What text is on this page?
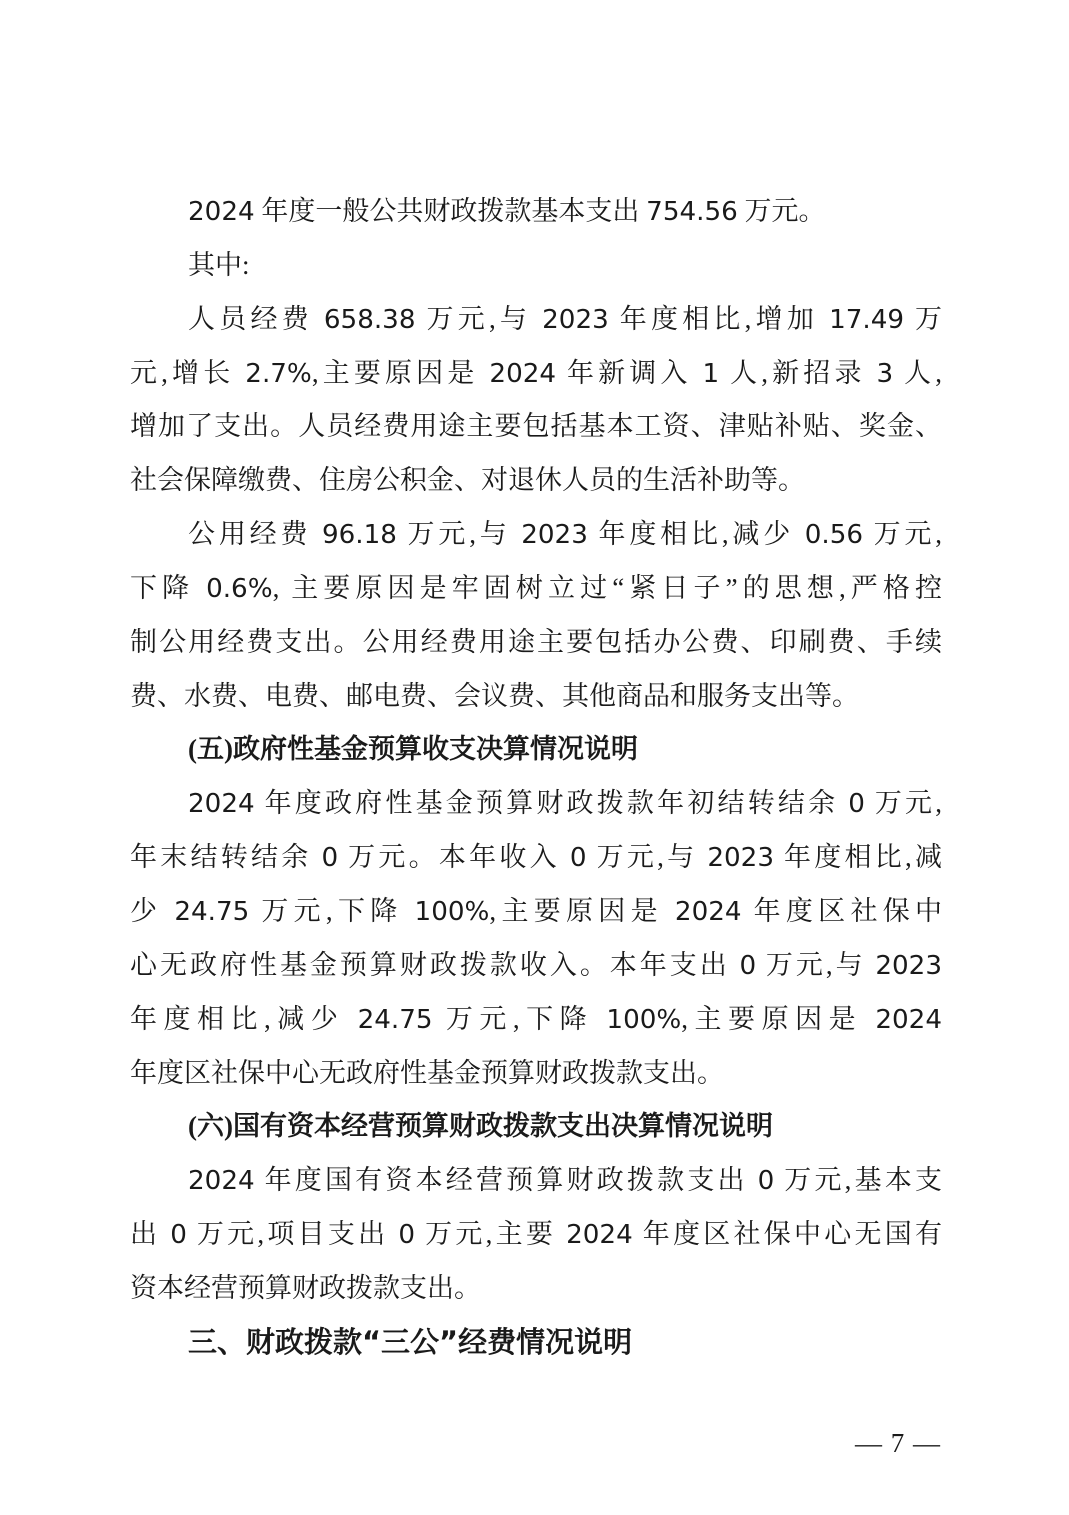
2024 年度一般公共财政拨款基本支出 754.56 万元。
其中:
人员经费 658.38 万元,与 2023 年度相比,增加 17.49 万
元,增长 2.7%,主要原因是 2024 年新调入 1 人,新招录 3 人,
增加了支出。人员经费用途主要包括基本工资、津贴补贴、奖金、
社会保障缴费、住房公积金、对退休人员的生活补助等。
公用经费 96.18 万元,与 2023 年度相比,减少 0.56 万元,
下降 0.6%, 主要原因是牢固树立过“紧日子”的思想,严格控
制公用经费支出。公用经费用途主要包括办公费、印刷费、手续
费、水费、电费、邮电费、会议费、其他商品和服务支出等。
(五)政府性基金预算收支决算情况说明
2024 年度政府性基金预算财政拨款年初结转结余 0 万元,
年末结转结余 0 万元。本年收入 0 万元,与 2023 年度相比,减
少 24.75 万元,下降 100%,主要原因是 2024 年度区社保中
心无政府性基金预算财政拨款收入。本年支出 0 万元,与 2023
年度相比,减少 24.75 万元,下降 100%,主要原因是 2024
年度区社保中心无政府性基金预算财政拨款支出。
(六)国有资本经营预算财政拨款支出决算情况说明
2024 年度国有资本经营预算财政拨款支出 0 万元,基本支
出 0 万元,项目支出 0 万元,主要 2024 年度区社保中心无国有
资本经营预算财政拨款支出。
三、财政拨款“三公”经费情况说明
— 7 —
